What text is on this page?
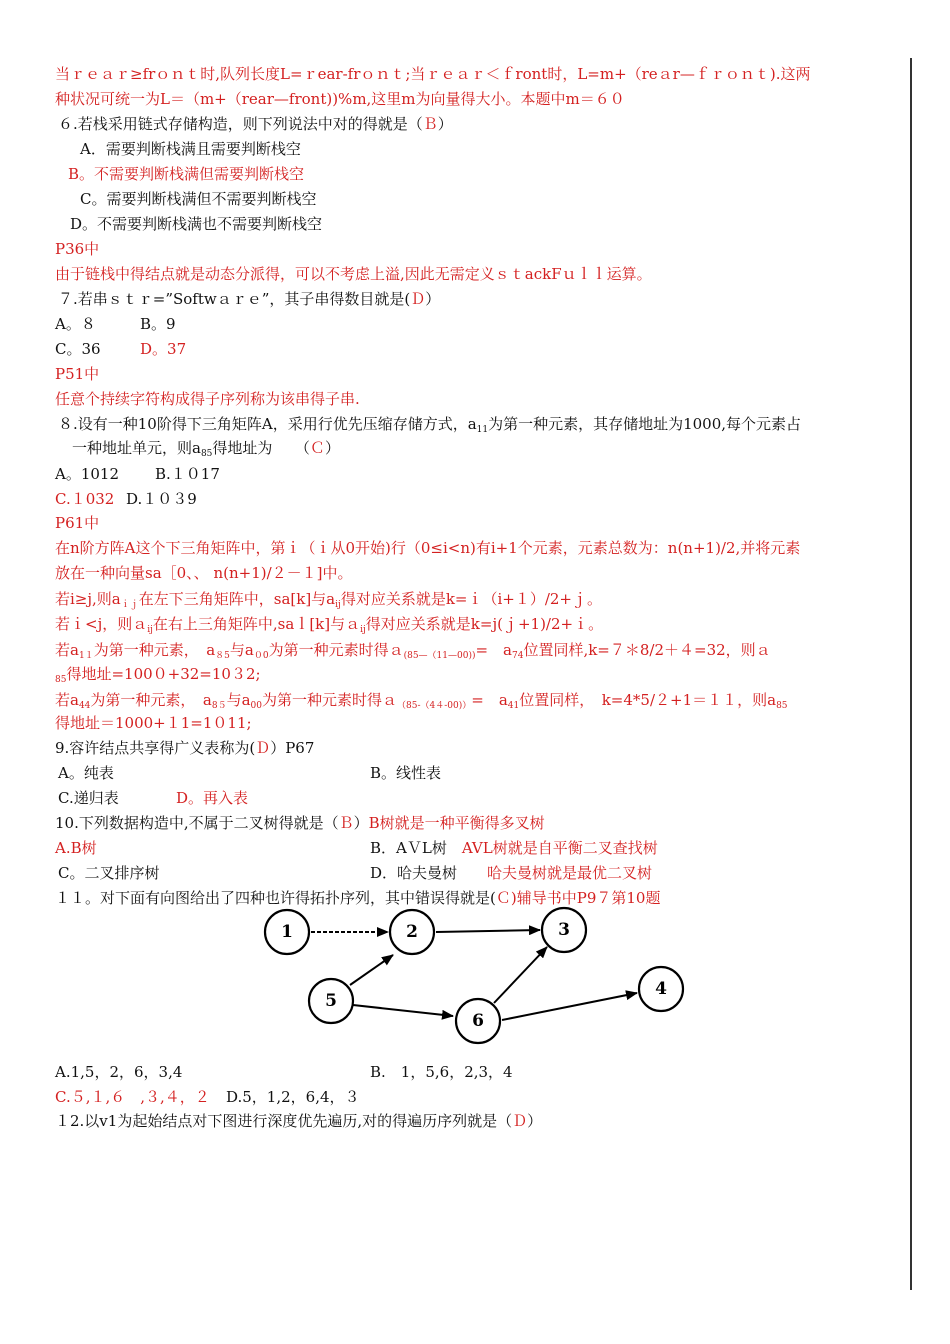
当ｒｅａｒ≥frｏｎｔ时,队列长度L=ｒear-frｏｎｔ;当ｒｅａｒ＜ｆront时，L=m+（reａr—ｆｒｏｎｔ).这两
种状况可统一为L＝（m+（rear—front))%m,这里m为向量得大小。本题中m＝６０
６.若栈采用链式存储构造，则下列说法中对的得就是（Ｂ）
A．需要判断栈满且需要判断栈空
B。不需要判断栈满但需要判断栈空
C。需要判断栈满但不需要判断栈空
D。不需要判断栈满也不需要判断栈空
P36中
由于链栈中得结点就是动态分派得，可以不考虑上溢,因此无需定义ｓｔackFｕｌｌ运算。
７.若串ｓｔｒ=”Softwａｒｅ”，其子串得数目就是(Ｄ）
A。８	B。9
C。36	D。37
P51中
任意个持续字符构成得子序列称为该串得子串.
８.设有一种10阶得下三角矩阵A，采用行优先压缩存储方式，$a_{11}$为第一种元素，其存储地址为1000,每个元素占
一种地址单元，则$a_{85}$得地址为　　（Ｃ）
A。1012 B.１０17
C.１032 D.１０３9
P61中
在n阶方阵A这个下三角矩阵中，第ｉ（ｉ从0开始)行（0≤i<n)有i+1个元素，元素总数为：n(n+1)/2,并将元素
放在一种向量sa［0、、 n(n+1)/２－１]中。
若i≥j,则$a_{ij}$在左下三角矩阵中，sa[k]与$a_{ij}$得对应关系就是k=ｉ（i+１）/2+ｊ。
若ｉ<j，则ａ$_{ij}$在右上三角矩阵中,saｌ[k]与ａ$_{ij}$得对应关系就是k=j(ｊ+1)/2+ｉ。
若$a_{11}$为第一种元素，　$a_{85}$与$a_{00}$为第一种元素时得ａ$_{(85—(11—00))}$=　$a_{74}$位置同样,k=７＊8/2＋４=32，则ａ
$_{85}$得地址=100０+32=10３2;
若$a_{44}$为第一种元素，　$a_{85}$与$a_{00}$为第一种元素时得ａ$_{(85-(44-00))}$=　$a_{41}$位置同样，　k=4*5/２+1＝１１，则$a_{85}$
得地址＝1000+１1=1０11;
9.容许结点共享得广义表称为(Ｄ）P67
A。纯表	B。线性表
C.递归表	D。再入表
10.下列数据构造中,不属于二叉树得就是（Ｂ）B树就是一种平衡得多叉树
A.B树	B．AＶL树　 AVL树就是自平衡二叉查找树
C。二叉排序树	D．哈夫曼树　　 哈夫曼树就是最优二叉树
１１。对下面有向图给出了四种也许得拓扑序列，其中错误得就是(Ｃ)辅导书中P9７第10题
1	2	3
4
5
6
A.1,5，2，6，3,4	B.　1，5,6，2,3，4
C.５,１,６　,３,４，２ D.5，1,2，6,4，３
１2.以v1为起始结点对下图进行深度优先遍历,对的得遍历序列就是（Ｄ）
